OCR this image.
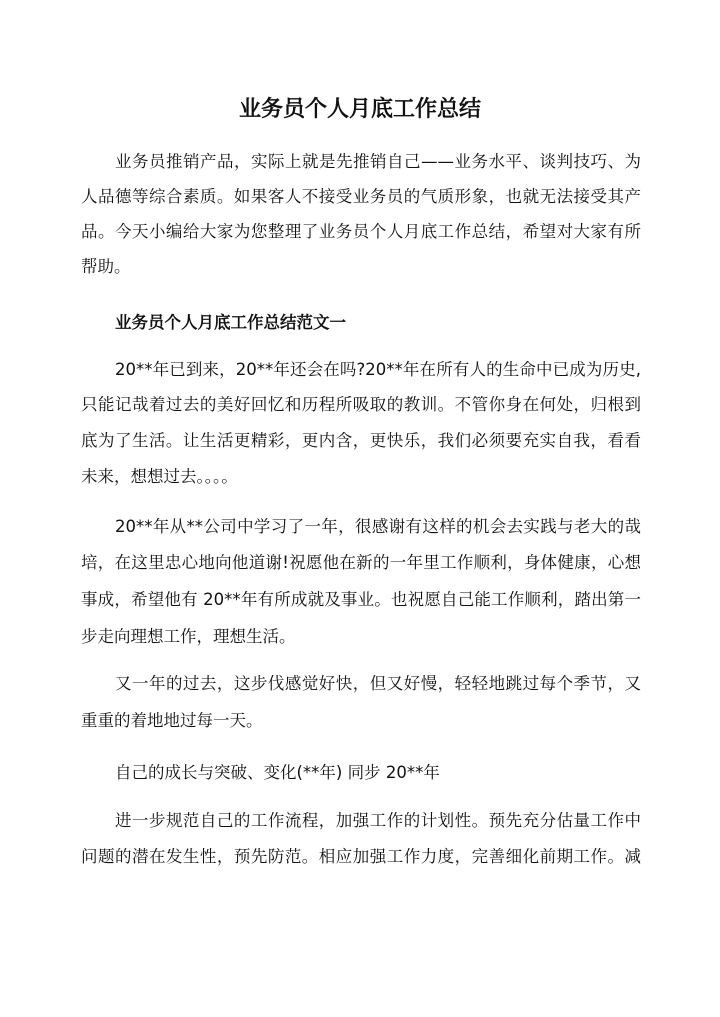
业务员个人月底工作总结
业务员推销产品，实际上就是先推销自己——业务水平、谈判技巧、为
人品德等综合素质。如果客人不接受业务员的气质形象，也就无法接受其产
品。今天小编给大家为您整理了业务员个人月底工作总结，希望对大家有所
帮助。
业务员个人月底工作总结范文一
20**年已到来，20**年还会在吗?20**年在所有人的生命中已成为历史,
只能记哉着过去的美好回忆和历程所吸取的教训。不管你身在何处，归根到
底为了生活。让生活更精彩，更内含，更快乐，我们必须要充实自我，看看
未来，想想过去。。。。
20**年从**公司中学习了一年，很感谢有这样的机会去实践与老大的哉
培，在这里忠心地向他道谢!祝愿他在新的一年里工作顺利，身体健康，心想
事成，希望他有 20**年有所成就及事业。也祝愿自己能工作顺利，踏出第一
步走向理想工作，理想生活。
又一年的过去，这步伐感觉好快，但又好慢，轻轻地跳过每个季节，又
重重的着地地过每一天。
自己的成长与突破、变化(**年) 同步 20**年
进一步规范自己的工作流程，加强工作的计划性。预先充分估量工作中
问题的潜在发生性，预先防范。相应加强工作力度，完善细化前期工作。减
